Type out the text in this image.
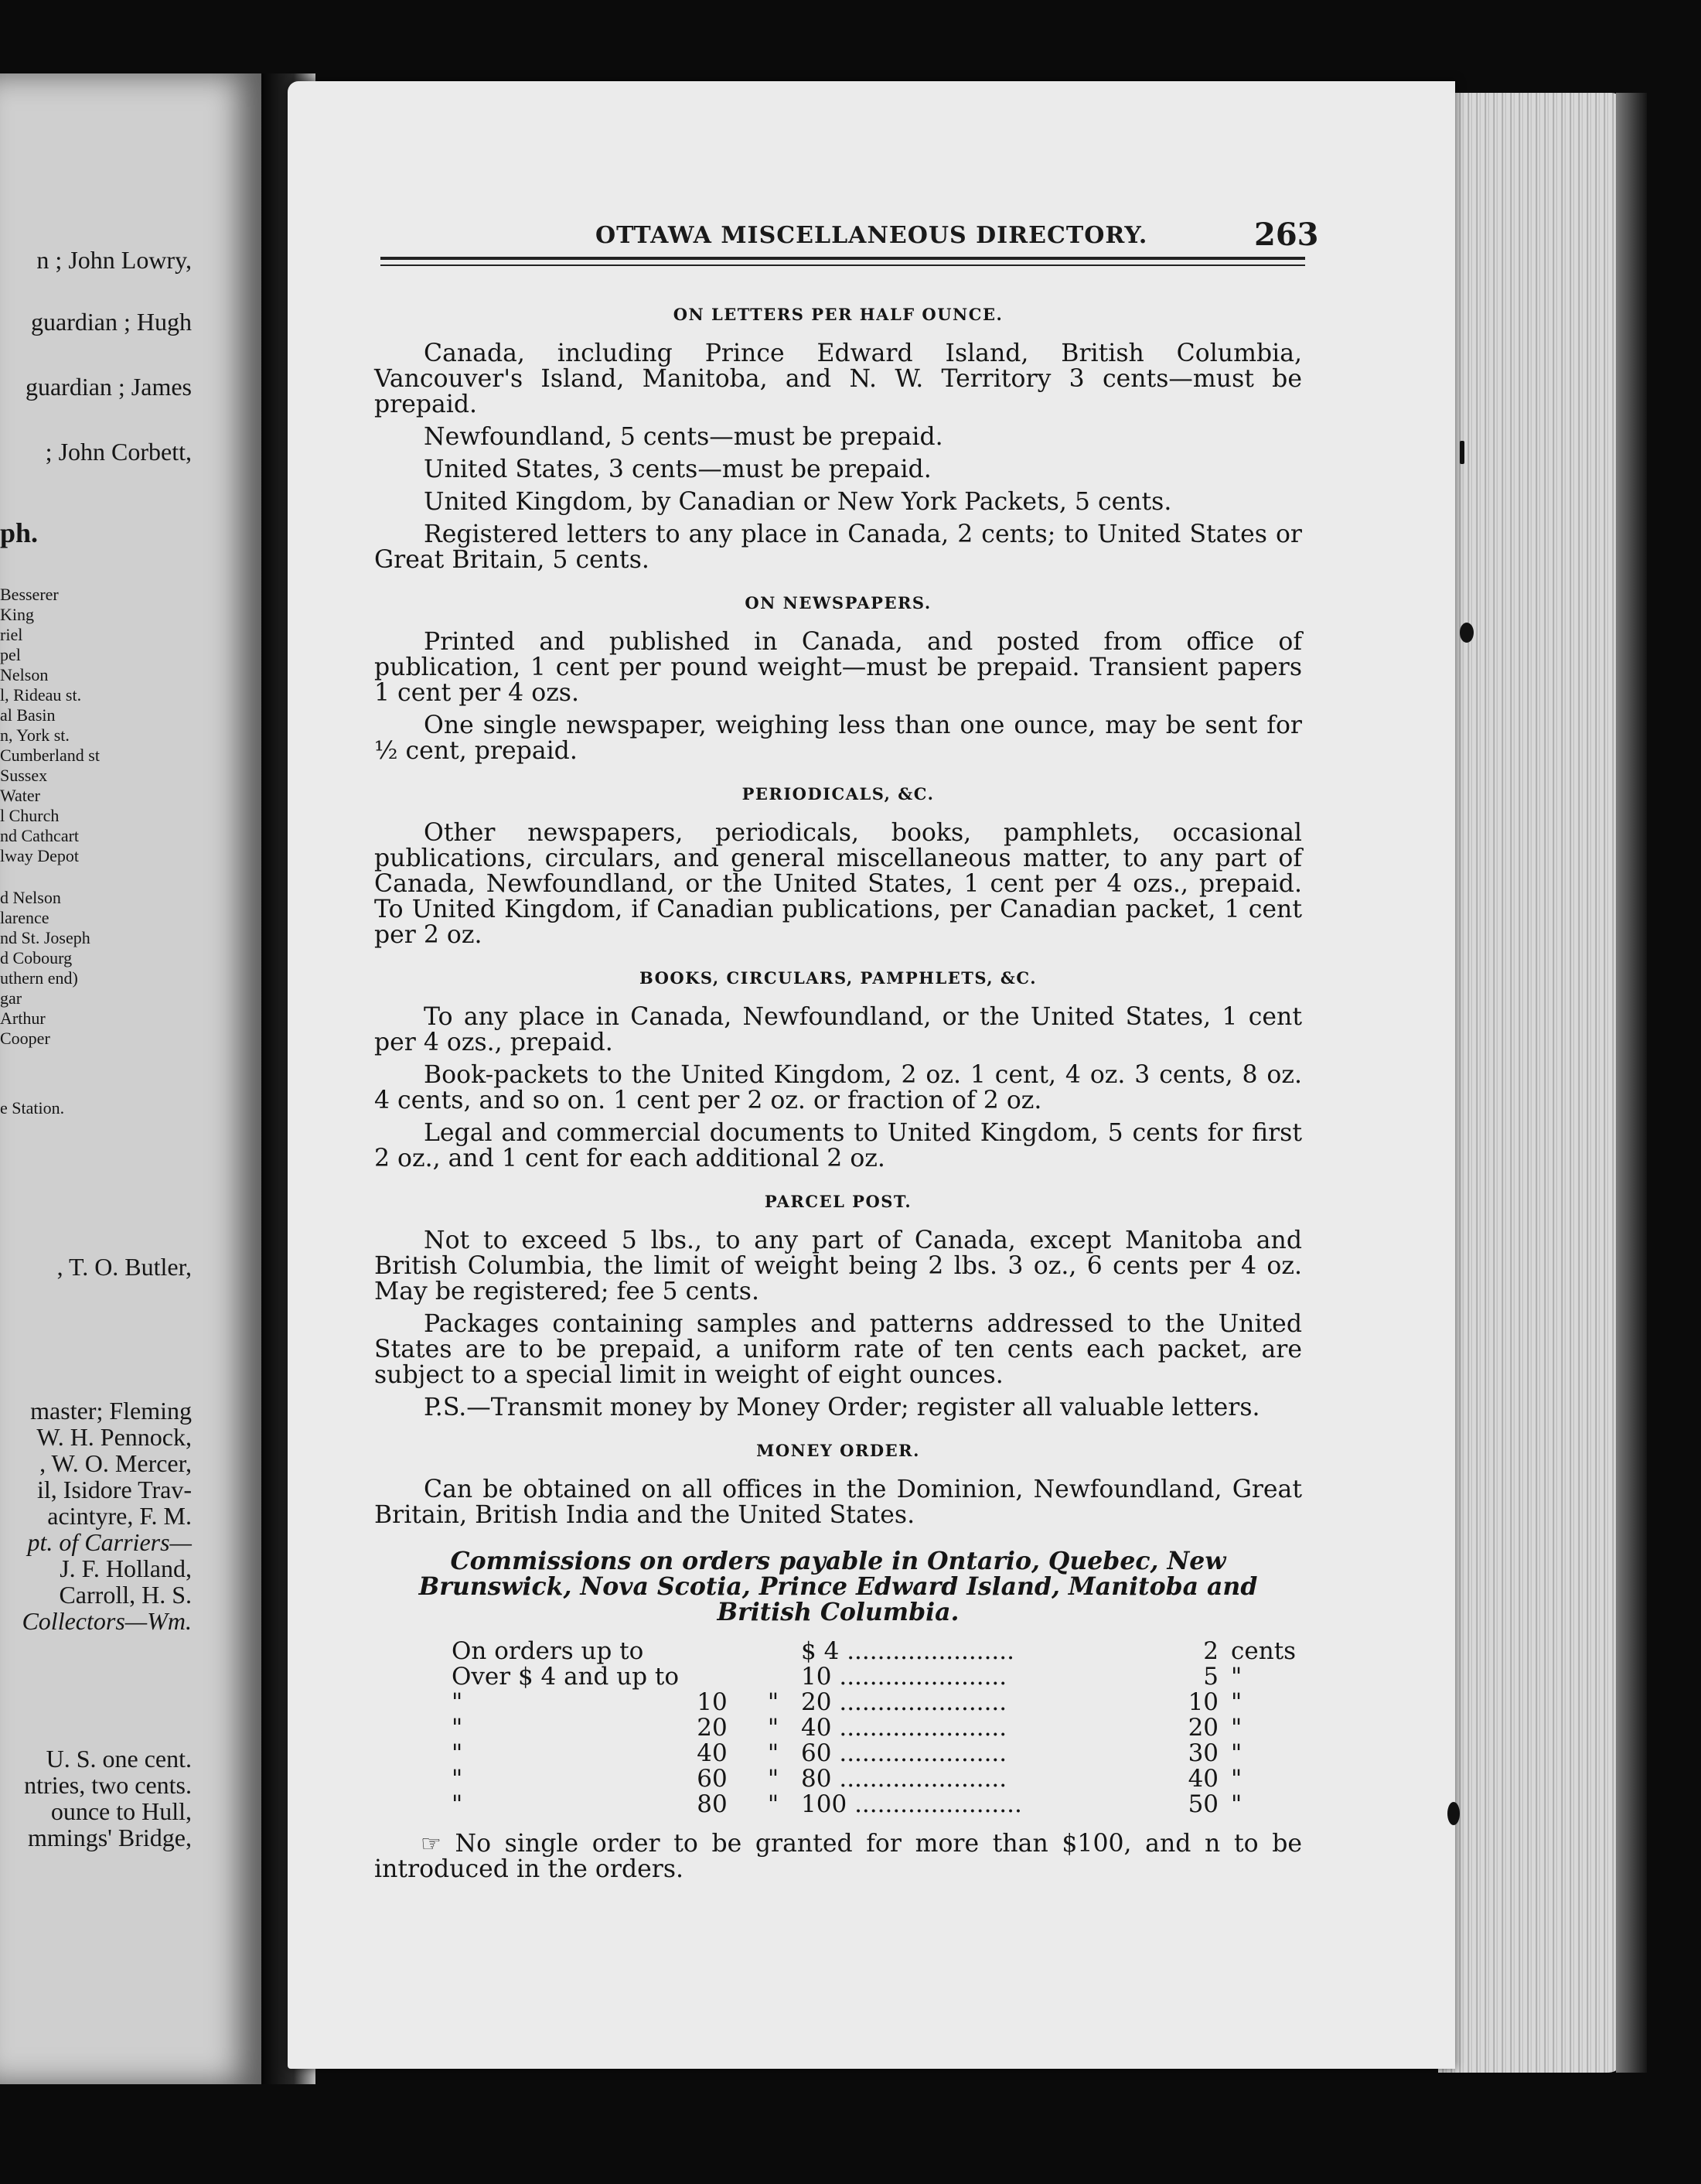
n ; John Lowry,
guardian ; Hugh
guardian ; James
; John Corbett,
ph.
Besserer
King
riel
pel
Nelson
l, Rideau st.
al Basin
n, York st.
Cumberland st
Sussex
Water
l Church
nd Cathcart
lway Depot
d Nelson
larence
nd St. Joseph
d Cobourg
uthern end)
gar
Arthur
Cooper
e Station.
, T. O. Butler,
master; Fleming
W. H. Pennock,
, W. O. Mercer,
il, Isidore Trav-
acintyre, F. M.
pt. of Carriers—
J. F. Holland,
Carroll, H. S.
Collectors—Wm.
U. S. one cent.
ntries, two cents.
ounce to Hull,
mmings' Bridge,
OTTAWA MISCELLANEOUS DIRECTORY.	263
ON LETTERS PER HALF OUNCE.

Canada, including Prince Edward Island, British Columbia, Vancouver's Island, Manitoba, and N. W. Territory 3 cents—must be prepaid.

Newfoundland, 5 cents—must be prepaid.

United States, 3 cents—must be prepaid.

United Kingdom, by Canadian or New York Packets, 5 cents.

Registered letters to any place in Canada, 2 cents; to United States or Great Britain, 5 cents.

ON NEWSPAPERS.

Printed and published in Canada, and posted from office of publication, 1 cent per pound weight—must be prepaid. Transient papers 1 cent per 4 ozs.

One single newspaper, weighing less than one ounce, may be sent for ½ cent, prepaid.

PERIODICALS, &C.

Other newspapers, periodicals, books, pamphlets, occasional publications, circulars, and general miscellaneous matter, to any part of Canada, Newfoundland, or the United States, 1 cent per 4 ozs., prepaid. To United Kingdom, if Canadian publications, per Canadian packet, 1 cent per 2 oz.

BOOKS, CIRCULARS, PAMPHLETS, &C.

To any place in Canada, Newfoundland, or the United States, 1 cent per 4 ozs., prepaid.

Book-packets to the United Kingdom, 2 oz. 1 cent, 4 oz. 3 cents, 8 oz. 4 cents, and so on. 1 cent per 2 oz. or fraction of 2 oz.

Legal and commercial documents to United Kingdom, 5 cents for first 2 oz., and 1 cent for each additional 2 oz.

PARCEL POST.

Not to exceed 5 lbs., to any part of Canada, except Manitoba and British Columbia, the limit of weight being 2 lbs. 3 oz., 6 cents per 4 oz. May be registered; fee 5 cents.

Packages containing samples and patterns addressed to the United States are to be prepaid, a uniform rate of ten cents each packet, are subject to a special limit in weight of eight ounces.

P.S.—Transmit money by Money Order; register all valuable letters.

MONEY ORDER.

Can be obtained on all offices in the Dominion, Newfoundland, Great Britain, British India and the United States.

Commissions on orders payable in Ontario, Quebec, New Brunswick, Nova Scotia, Prince Edward Island, Manitoba and British Columbia.
On orders up to			$ 4 ......................	2	cents
Over $ 4 and up to			10 ......................	5	"
"	10	"	20 ......................	10	"
"	20	"	40 ......................	20	"
"	40	"	60 ......................	30	"
"	60	"	80 ......................	40	"
"	80	"	100 ......................	50	"

☞ No single order to be granted for more than $100, and n to be introduced in the orders.
